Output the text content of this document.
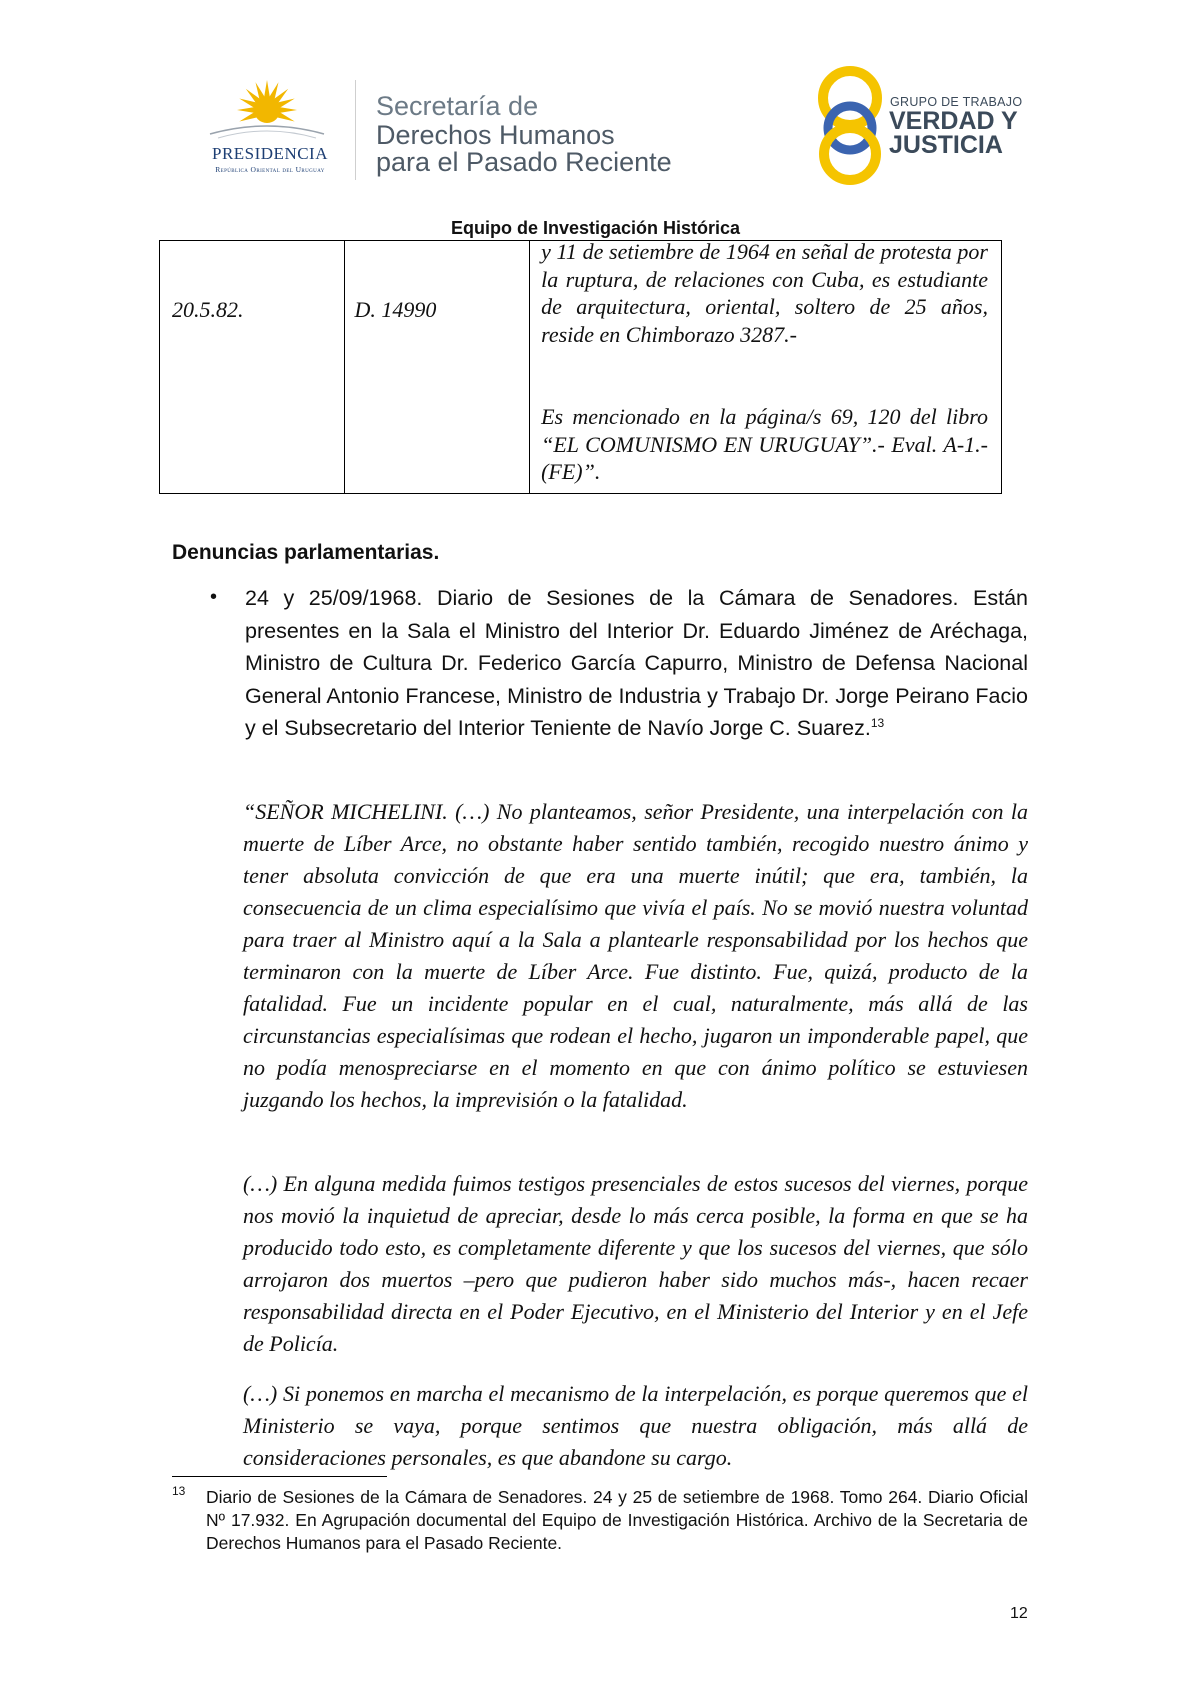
PRESIDENCIA
República Oriental del Uruguay
Secretaría de
Derechos Humanos
para el Pasado Reciente
GRUPO DE TRABAJO
VERDAD Y
JUSTICIA
Equipo de Investigación Histórica
20.5.82.	D. 14990

y 11 de setiembre de 1964 en señal de protesta por la ruptura, de relaciones con Cuba, es estudiante de arquitectura, oriental, soltero de 25 años, reside en Chimborazo 3287.-

Es mencionado en la página/s 69, 120 del libro “EL COMUNISMO EN URUGUAY”.- Eval. A-1.- (FE)”.

Denuncias parlamentarias.
• 24 y 25/09/1968. Diario de Sesiones de la Cámara de Senadores. Están presentes en la Sala el Ministro del Interior Dr. Eduardo Jiménez de Aréchaga, Ministro de Cultura Dr. Federico García Capurro, Ministro de Defensa Nacional General Antonio Francese, Ministro de Industria y Trabajo Dr. Jorge Peirano Facio y el Subsecretario del Interior Teniente de Navío Jorge C. Suarez.$^{13}$

“SEÑOR MICHELINI. (…) No planteamos, señor Presidente, una interpelación con la muerte de Líber Arce, no obstante haber sentido también, recogido nuestro ánimo y tener absoluta convicción de que era una muerte inútil; que era, también, la consecuencia de un clima especialísimo que vivía el país. No se movió nuestra voluntad para traer al Ministro aquí a la Sala a plantearle responsabilidad por los hechos que terminaron con la muerte de Líber Arce. Fue distinto. Fue, quizá, producto de la fatalidad. Fue un incidente popular en el cual, naturalmente, más allá de las circunstancias especialísimas que rodean el hecho, jugaron un imponderable papel, que no podía menospreciarse en el momento en que con ánimo político se estuviesen juzgando los hechos, la imprevisión o la fatalidad.

(…) En alguna medida fuimos testigos presenciales de estos sucesos del viernes, porque nos movió la inquietud de apreciar, desde lo más cerca posible, la forma en que se ha producido todo esto, es completamente diferente y que los sucesos del viernes, que sólo arrojaron dos muertos –pero que pudieron haber sido muchos más-, hacen recaer responsabilidad directa en el Poder Ejecutivo, en el Ministerio del Interior y en el Jefe de Policía.

(…) Si ponemos en marcha el mecanismo de la interpelación, es porque queremos que el Ministerio se vaya, porque sentimos que nuestra obligación, más allá de consideraciones personales, es que abandone su cargo.

13 Diario de Sesiones de la Cámara de Senadores. 24 y 25 de setiembre de 1968. Tomo 264. Diario Oficial Nº 17.932. En Agrupación documental del Equipo de Investigación Histórica. Archivo de la Secretaria de Derechos Humanos para el Pasado Reciente.

12
